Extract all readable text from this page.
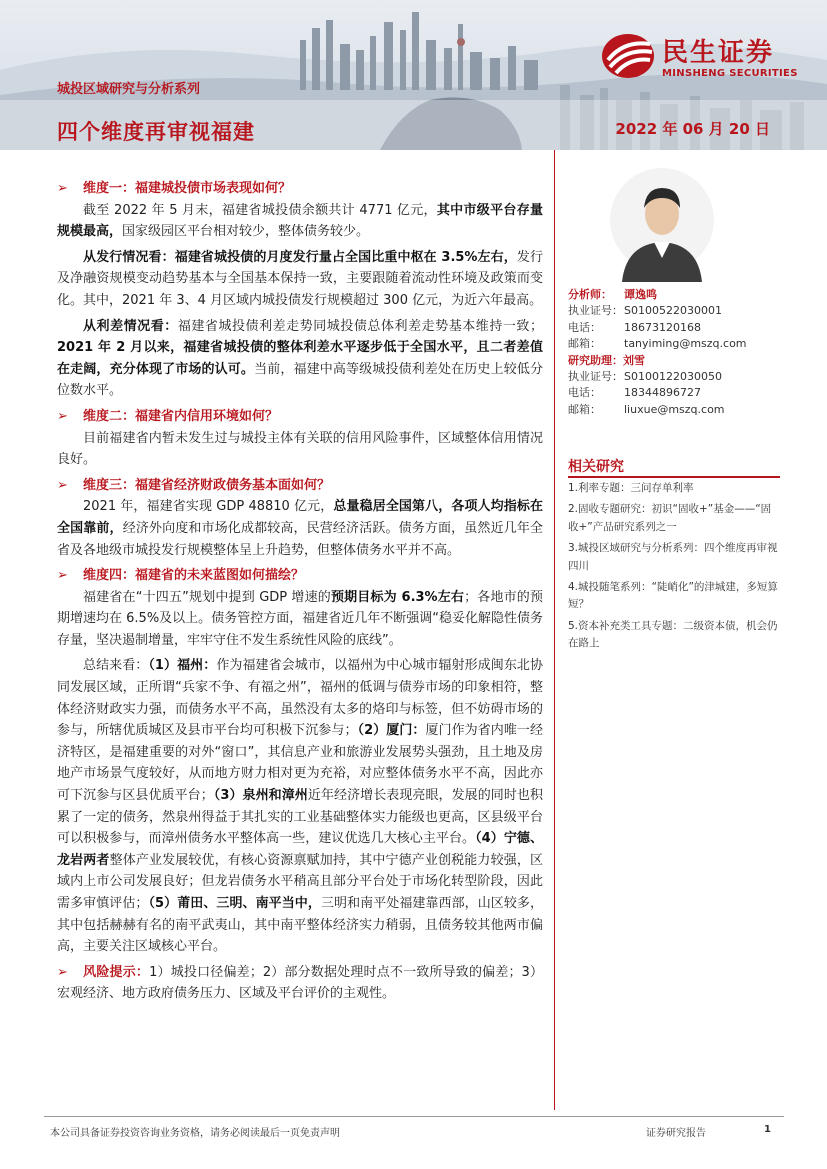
民生证券
MINSHENG SECURITIES
城投区域研究与分析系列
四个维度再审视福建	2022 年 06 月 20 日

➢ 维度一：福建城投债市场表现如何？

截至 2022 年 5 月末，福建省城投债余额共计 4771 亿元，其中市级平台存量规模最高，国家级园区平台相对较少，整体债务较少。

从发行情况看：福建省城投债的月度发行量占全国比重中枢在 3.5%左右，发行及净融资规模变动趋势基本与全国基本保持一致，主要跟随着流动性环境及政策而变化。其中，2021 年 3、4 月区域内城投债发行规模超过 300 亿元，为近六年最高。

从利差情况看：福建省城投债利差走势同城投债总体利差走势基本维持一致；2021 年 2 月以来，福建省城投债的整体利差水平逐步低于全国水平，且二者差值在走阔，充分体现了市场的认可。当前，福建中高等级城投债利差处在历史上较低分位数水平。

➢ 维度二：福建省内信用环境如何？

目前福建省内暂未发生过与城投主体有关联的信用风险事件，区域整体信用情况良好。

➢ 维度三：福建省经济财政债务基本面如何？

2021 年，福建省实现 GDP 48810 亿元，总量稳居全国第八，各项人均指标在全国靠前，经济外向度和市场化成都较高，民营经济活跃。债务方面，虽然近几年全省及各地级市城投发行规模整体呈上升趋势，但整体债务水平并不高。

➢ 维度四：福建省的未来蓝图如何描绘？

福建省在“十四五”规划中提到 GDP 增速的预期目标为 6.3%左右；各地市的预期增速均在 6.5%及以上。债务管控方面，福建省近几年不断强调“稳妥化解隐性债务存量，坚决遏制增量，牢牢守住不发生系统性风险的底线”。

总结来看：（1）福州：作为福建省会城市，以福州为中心城市辐射形成闽东北协同发展区域，正所谓“兵家不争、有福之州”，福州的低调与债券市场的印象相符，整体经济财政实力强，而债务水平不高，虽然没有太多的烙印与标签，但不妨碍市场的参与，所辖优质城区及县市平台均可积极下沉参与；（2）厦门：厦门作为省内唯一经济特区，是福建重要的对外“窗口”，其信息产业和旅游业发展势头强劲，且土地及房地产市场景气度较好，从而地方财力相对更为充裕，对应整体债务水平不高，因此亦可下沉参与区县优质平台；（3）泉州和漳州近年经济增长表现亮眼，发展的同时也积累了一定的债务，然泉州得益于其扎实的工业基础整体实力能级也更高，区县级平台可以积极参与，而漳州债务水平整体高一些，建议优选几大核心主平台。（4）宁德、龙岩两者整体产业发展较优，有核心资源禀赋加持，其中宁德产业创税能力较强，区域内上市公司发展良好；但龙岩债务水平稍高且部分平台处于市场化转型阶段，因此需多审慎评估；（5）莆田、三明、南平当中，三明和南平处福建靠西部，山区较多，其中包括赫赫有名的南平武夷山，其中南平整体经济实力稍弱，且债务较其他两市偏高，主要关注区域核心平台。

➢ 风险提示：1）城投口径偏差；2）部分数据处理时点不一致所导致的偏差；3）宏观经济、地方政府债务压力、区域及平台评价的主观性。

分析师： 谭逸鸣
执业证号：S0100522030001
电话： 18673120168
邮箱： tanyiming@mszq.com
研究助理：刘雪
执业证号：S0100122030050
电话： 18344896727
邮箱： liuxue@mszq.com
相关研究
1.利率专题：三问存单利率
2.固收专题研究：初识“固收+”基金——“固收+”产品研究系列之一
3.城投区域研究与分析系列：四个维度再审视四川
4.城投随笔系列：“陡峭化”的津城建，多短算短？
5.资本补充类工具专题：二级资本债，机会仍在路上
本公司具备证券投资咨询业务资格，请务必阅读最后一页免责声明	证券研究报告	1
